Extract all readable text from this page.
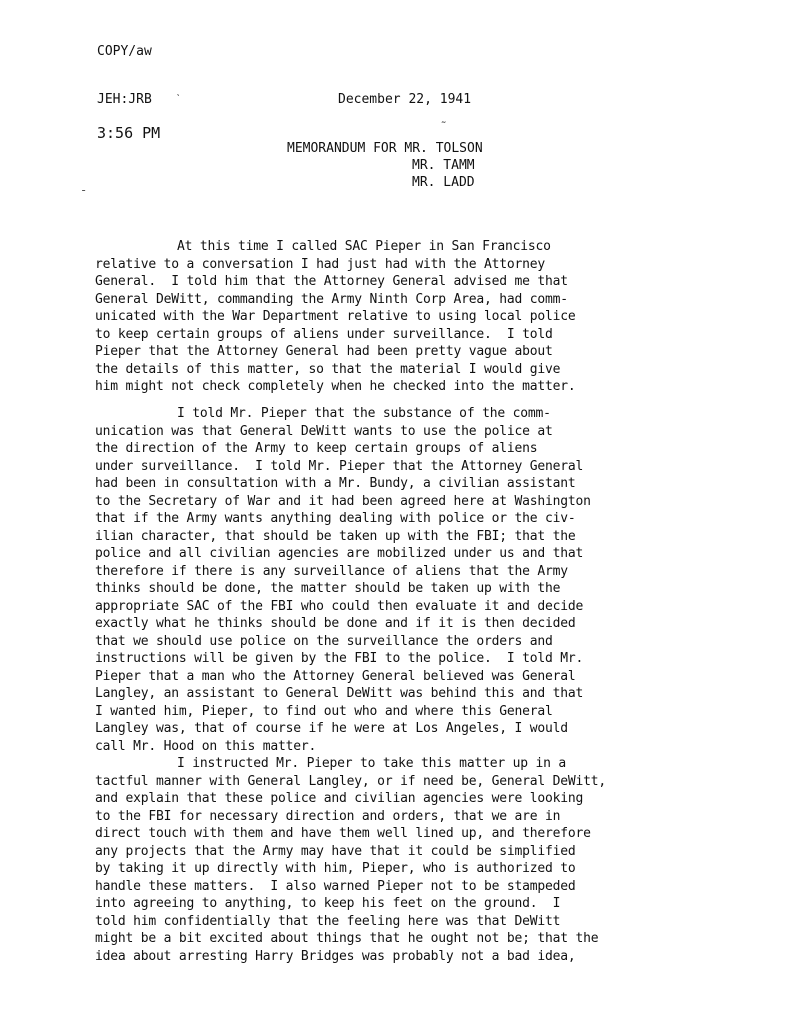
COPY/aw
JEH:JRB
3:56 PM
December 22, 1941
MEMORANDUM FOR MR. TOLSON
MR. TAMM
MR. LADD
ˋ
˜
-
At this time I called SAC Pieper in San Francisco
relative to a conversation I had just had with the Attorney
General.  I told him that the Attorney General advised me that
General DeWitt, commanding the Army Ninth Corp Area, had comm-
unicated with the War Department relative to using local police
to keep certain groups of aliens under surveillance.  I told
Pieper that the Attorney General had been pretty vague about
the details of this matter, so that the material I would give
him might not check completely when he checked into the matter.
I told Mr. Pieper that the substance of the comm-
unication was that General DeWitt wants to use the police at
the direction of the Army to keep certain groups of aliens
under surveillance.  I told Mr. Pieper that the Attorney General
had been in consultation with a Mr. Bundy, a civilian assistant
to the Secretary of War and it had been agreed here at Washington
that if the Army wants anything dealing with police or the civ-
ilian character, that should be taken up with the FBI; that the
police and all civilian agencies are mobilized under us and that
therefore if there is any surveillance of aliens that the Army
thinks should be done, the matter should be taken up with the
appropriate SAC of the FBI who could then evaluate it and decide
exactly what he thinks should be done and if it is then decided
that we should use police on the surveillance the orders and
instructions will be given by the FBI to the police.  I told Mr.
Pieper that a man who the Attorney General believed was General
Langley, an assistant to General DeWitt was behind this and that
I wanted him, Pieper, to find out who and where this General
Langley was, that of course if he were at Los Angeles, I would
call Mr. Hood on this matter.
I instructed Mr. Pieper to take this matter up in a
tactful manner with General Langley, or if need be, General DeWitt,
and explain that these police and civilian agencies were looking
to the FBI for necessary direction and orders, that we are in
direct touch with them and have them well lined up, and therefore
any projects that the Army may have that it could be simplified
by taking it up directly with him, Pieper, who is authorized to
handle these matters.  I also warned Pieper not to be stampeded
into agreeing to anything, to keep his feet on the ground.  I
told him confidentially that the feeling here was that DeWitt
might be a bit excited about things that he ought not be; that the
idea about arresting Harry Bridges was probably not a bad idea,
